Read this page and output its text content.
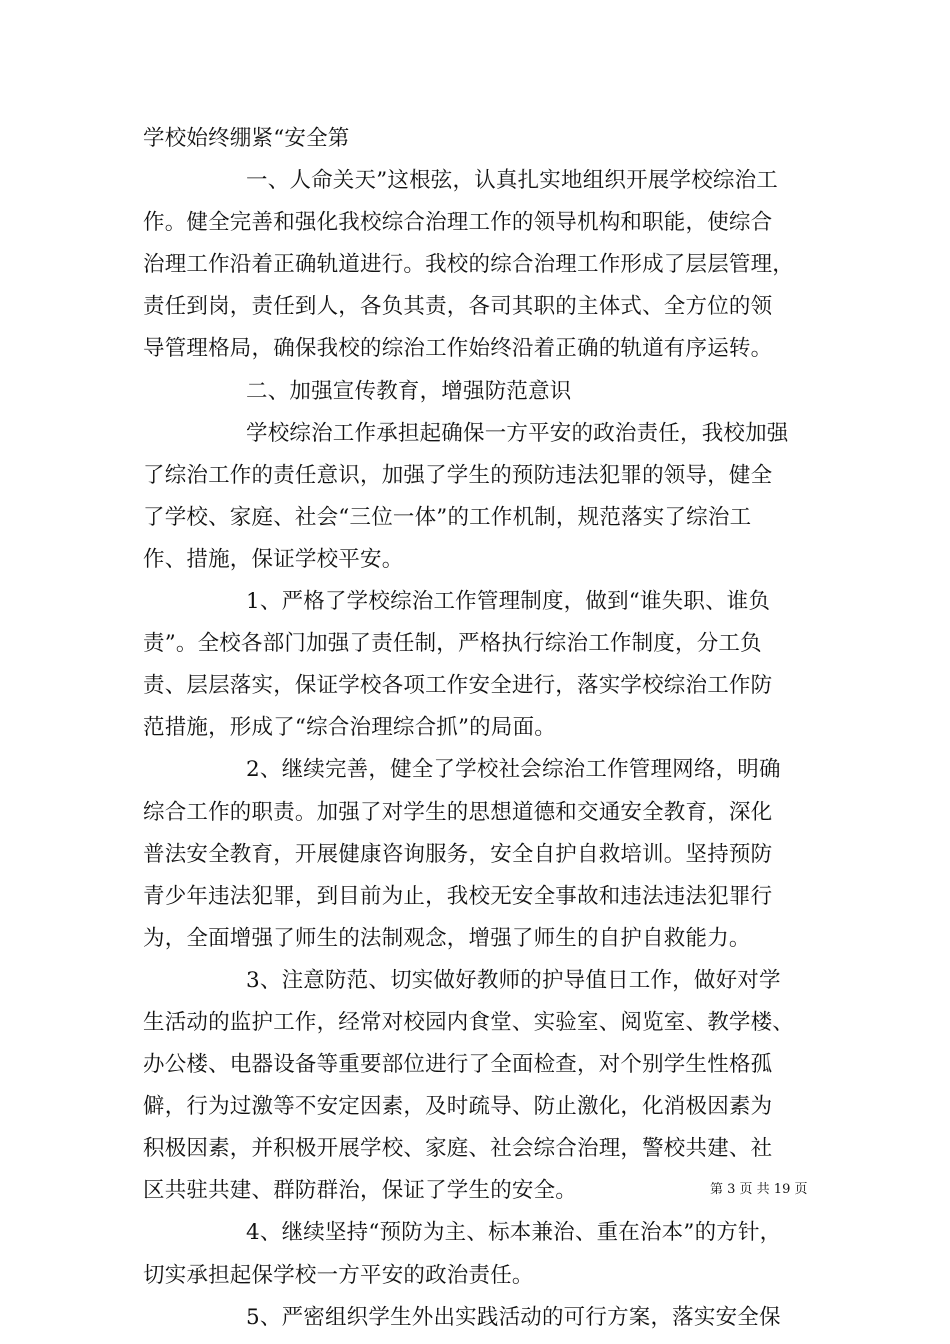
学校始终绷紧“安全第
一、人命关天”这根弦，认真扎实地组织开展学校综治工
作。健全完善和强化我校综合治理工作的领导机构和职能，使综合
治理工作沿着正确轨道进行。我校的综合治理工作形成了层层管理，
责任到岗，责任到人，各负其责，各司其职的主体式、全方位的领
导管理格局，确保我校的综治工作始终沿着正确的轨道有序运转。
二、加强宣传教育，增强防范意识
学校综治工作承担起确保一方平安的政治责任，我校加强
了综治工作的责任意识，加强了学生的预防违法犯罪的领导，健全
了学校、家庭、社会“三位一体”的工作机制，规范落实了综治工
作、措施，保证学校平安。
1、严格了学校综治工作管理制度，做到“谁失职、谁负
责”。全校各部门加强了责任制，严格执行综治工作制度，分工负
责、层层落实，保证学校各项工作安全进行，落实学校综治工作防
范措施，形成了“综合治理综合抓”的局面。
2、继续完善，健全了学校社会综治工作管理网络，明确
综合工作的职责。加强了对学生的思想道德和交通安全教育，深化
普法安全教育，开展健康咨询服务，安全自护自救培训。坚持预防
青少年违法犯罪，到目前为止，我校无安全事故和违法违法犯罪行
为，全面增强了师生的法制观念，增强了师生的自护自救能力。
3、注意防范、切实做好教师的护导值日工作，做好对学
生活动的监护工作，经常对校园内食堂、实验室、阅览室、教学楼、
办公楼、电器设备等重要部位进行了全面检查，对个别学生性格孤
僻，行为过激等不安定因素，及时疏导、防止激化，化消极因素为
积极因素，并积极开展学校、家庭、社会综合治理，警校共建、社
区共驻共建、群防群治，保证了学生的安全。
4、继续坚持“预防为主、标本兼治、重在治本”的方针，
切实承担起保学校一方平安的政治责任。
5、严密组织学生外出实践活动的可行方案，落实安全保
第 3 页 共 19 页
